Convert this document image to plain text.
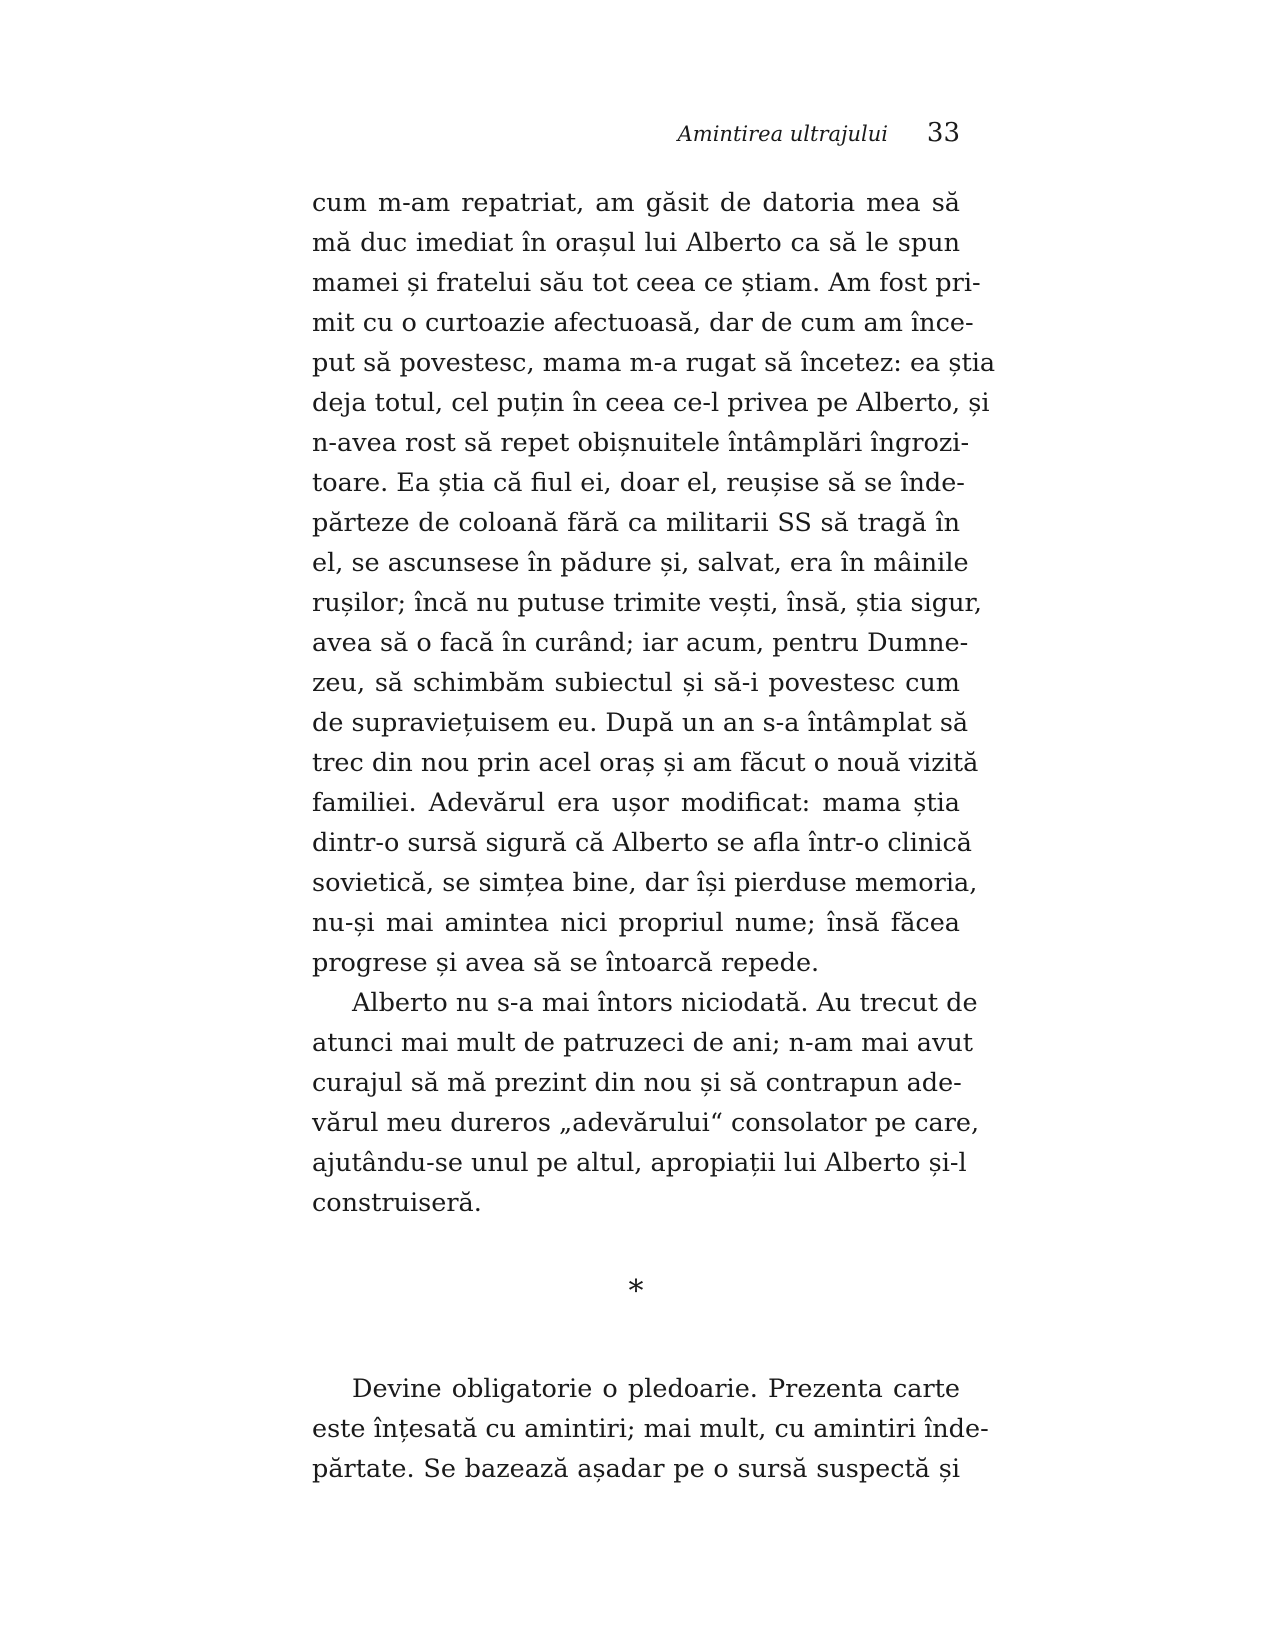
Amintirea ultrajului 33
cum m-am repatriat, am găsit de datoria mea să
mă duc imediat în orașul lui Alberto ca să le spun
mamei și fratelui său tot ceea ce știam. Am fost pri-
mit cu o curtoazie afectuoasă, dar de cum am înce-
put să povestesc, mama m-a rugat să încetez: ea știa
deja totul, cel puțin în ceea ce-l privea pe Alberto, și
n-avea rost să repet obișnuitele întâmplări îngrozi-
toare. Ea știa că fiul ei, doar el, reușise să se înde-
părteze de coloană fără ca militarii SS să tragă în
el, se ascunsese în pădure și, salvat, era în mâinile
rușilor; încă nu putuse trimite vești, însă, știa sigur,
avea să o facă în curând; iar acum, pentru Dumne-
zeu, să schimbăm subiectul și să-i povestesc cum
de supraviețuisem eu. După un an s-a întâmplat să
trec din nou prin acel oraș și am făcut o nouă vizită
familiei. Adevărul era ușor modificat: mama știa
dintr-o sursă sigură că Alberto se afla într-o clinică
sovietică, se simțea bine, dar își pierduse memoria,
nu-și mai amintea nici propriul nume; însă făcea
progrese și avea să se întoarcă repede.
Alberto nu s-a mai întors niciodată. Au trecut de
atunci mai mult de patruzeci de ani; n-am mai avut
curajul să mă prezint din nou și să contrapun ade-
vărul meu dureros „adevărului“ consolator pe care,
ajutându-se unul pe altul, apropiații lui Alberto și-l
construiseră.
*
Devine obligatorie o pledoarie. Prezenta carte
este înțesată cu amintiri; mai mult, cu amintiri înde-
părtate. Se bazează așadar pe o sursă suspectă și
